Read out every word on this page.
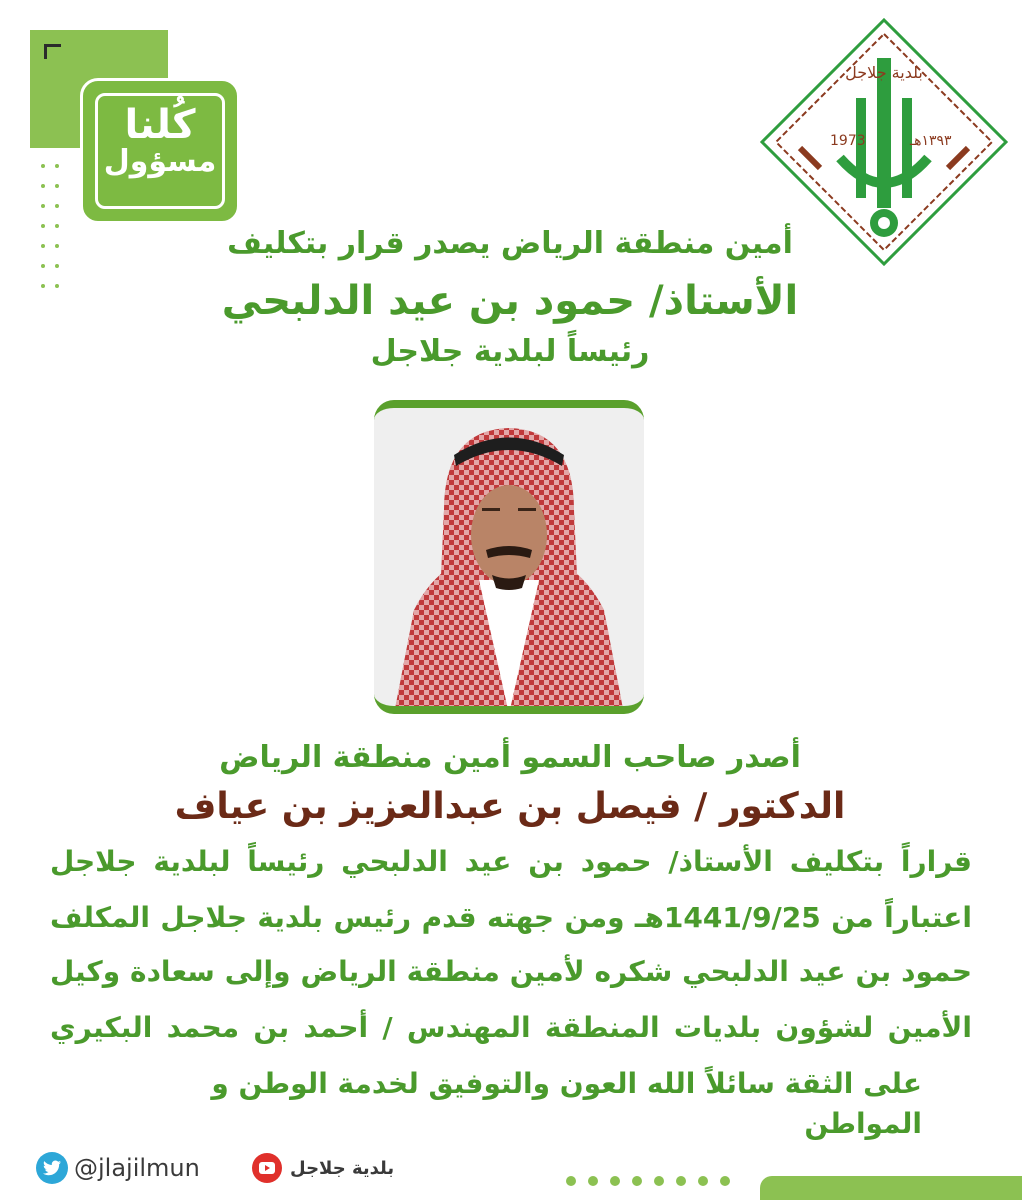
كُلنا
مسؤول

1973	١٣٩٣هـ
بلدية جلاجل
أمين منطقة الرياض يصدر قرار بتكليف
الأستاذ/ حمود بن عيد الدلبحي
رئيساً لبلدية جلاجل
أصدر صاحب السمو أمين منطقة الرياض
الدكتور / فيصل بن عبدالعزيز بن عياف
قراراً بتكليف الأستاذ/ حمود بن عيد الدلبحي رئيساً لبلدية جلاجل
اعتباراً من 1441/9/25هـ ومن جهته قدم رئيس بلدية جلاجل المكلف
حمود بن عيد الدلبحي شكره لأمين منطقة الرياض وإلى سعادة وكيل
الأمين لشؤون بلديات المنطقة المهندس / أحمد بن محمد البكيري
على الثقة سائلاً الله العون والتوفيق لخدمة الوطن و المواطن
@jlajilmun	بلدية جلاجل
